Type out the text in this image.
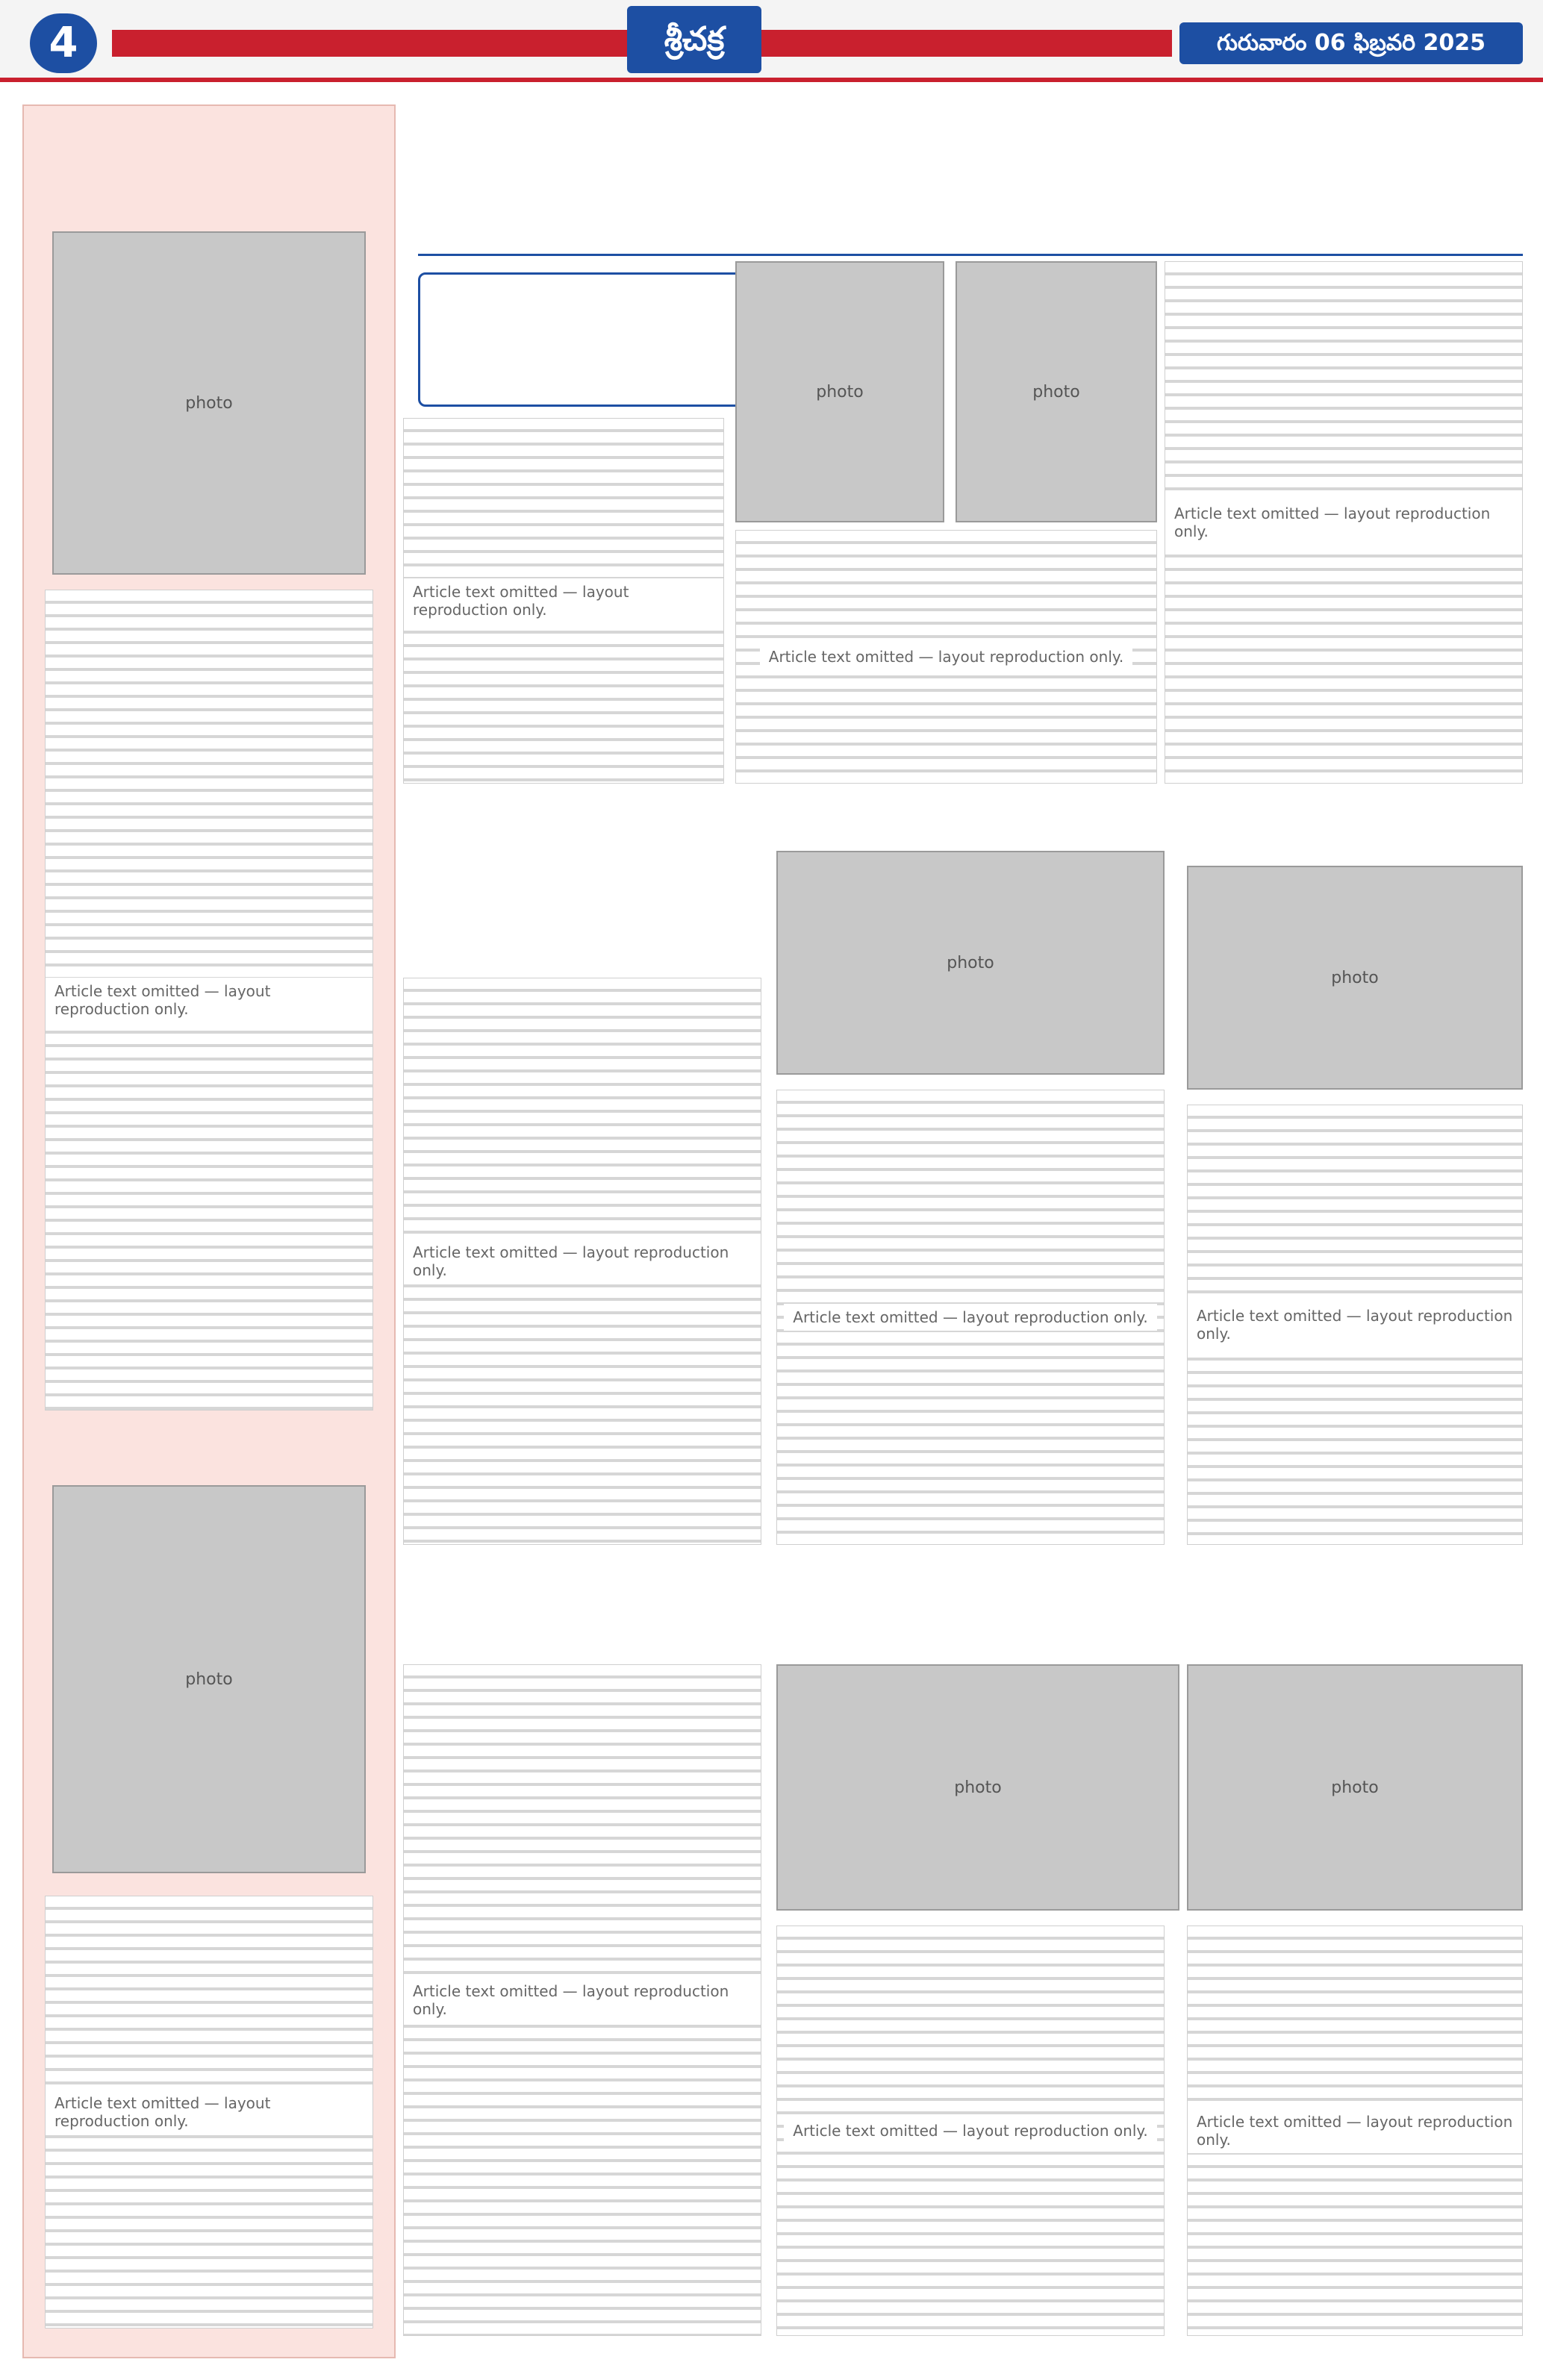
4	శ్రీచక్ర	గురువారం 06 ఫిబ్రవరి 2025
photo
Article text omitted — layout reproduction only.
photo
Article text omitted — layout reproduction only.
Article text omitted — layout reproduction only.
photo	photo
Article text omitted — layout reproduction only.
Article text omitted — layout reproduction only.
photo
Article text omitted — layout reproduction only.
Article text omitted — layout reproduction only.
photo
Article text omitted — layout reproduction only.
Article text omitted — layout reproduction only.
photo	photo
Article text omitted — layout reproduction only.	Article text omitted — layout reproduction only.
